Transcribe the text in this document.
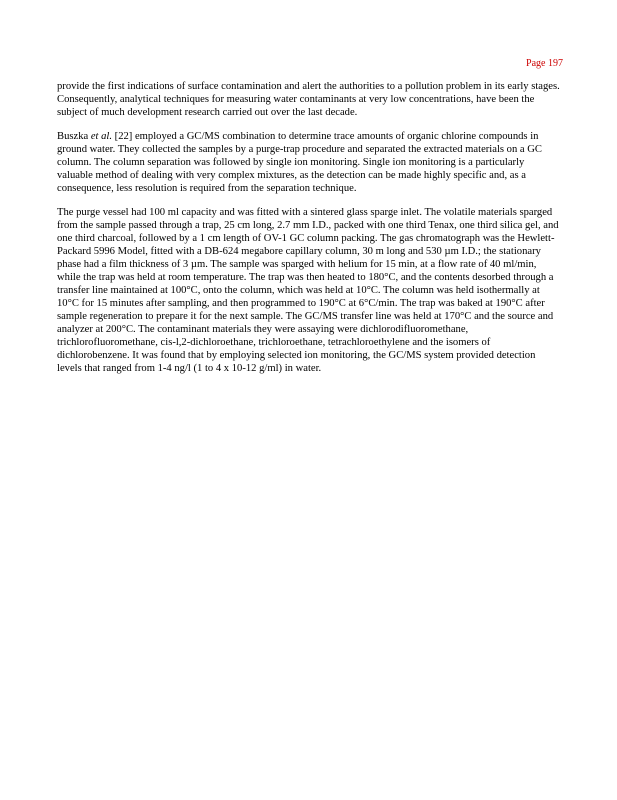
Page 197

provide the first indications of surface contamination and alert the authorities to a pollution problem in its early stages. Consequently, analytical techniques for measuring water contaminants at very low concentrations, have been the subject of much development research carried out over the last decade.

Buszka et al. [22] employed a GC/MS combination to determine trace amounts of organic chlorine compounds in ground water. They collected the samples by a purge-trap procedure and separated the extracted materials on a GC column. The column separation was followed by single ion monitoring. Single ion monitoring is a particularly valuable method of dealing with very complex mixtures, as the detection can be made highly specific and, as a consequence, less resolution is required from the separation technique.

The purge vessel had 100 ml capacity and was fitted with a sintered glass sparge inlet. The volatile materials sparged from the sample passed through a trap, 25 cm long, 2.7 mm I.D., packed with one third Tenax, one third silica gel, and one third charcoal, followed by a 1 cm length of OV-1 GC column packing. The gas chromatograph was the Hewlett-Packard 5996 Model, fitted with a DB-624 megabore capillary column, 30 m long and 530 µm I.D.; the stationary phase had a film thickness of 3 µm. The sample was sparged with helium for 15 min, at a flow rate of 40 ml/min, while the trap was held at room temperature. The trap was then heated to 180°C, and the contents desorbed through a transfer line maintained at 100°C, onto the column, which was held at 10°C. The column was held isothermally at 10°C for 15 minutes after sampling, and then programmed to 190°C at 6°C/min. The trap was baked at 190°C after sample regeneration to prepare it for the next sample. The GC/MS transfer line was held at 170°C and the source and analyzer at 200°C. The contaminant materials they were assaying were dichlorodifluoromethane, trichlorofluoromethane, cis-l,2-dichloroethane, trichloroethane, tetrachloroethylene and the isomers of dichlorobenzene. It was found that by employing selected ion monitoring, the GC/MS system provided detection levels that ranged from 1-4 ng/l (1 to 4 x 10-12 g/ml) in water.
